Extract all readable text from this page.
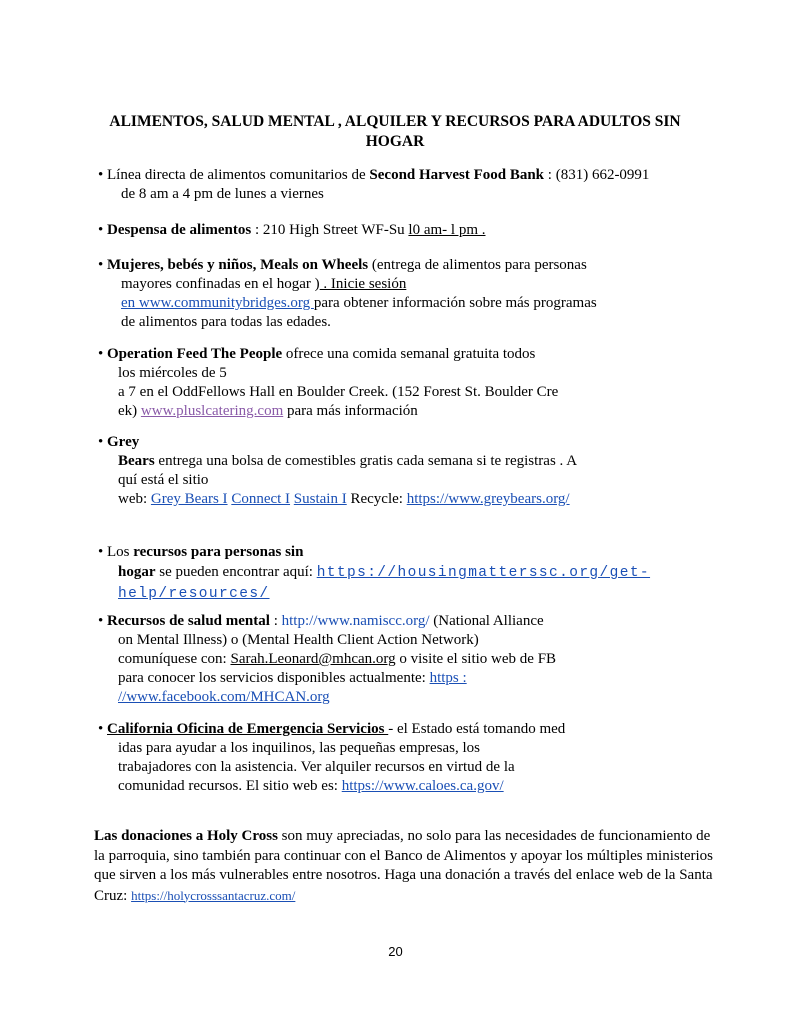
ALIMENTOS, SALUD MENTAL , ALQUILER Y RECURSOS PARA ADULTOS SIN HOGAR
• Línea directa de alimentos comunitarios de Second Harvest Food Bank : (831) 662-0991
de 8 am a 4 pm de lunes a viernes
• Despensa de alimentos : 210 High Street WF-Su l0 am- l pm .
• Mujeres, bebés y niños, Meals on Wheels (entrega de alimentos para personas
mayores confinadas en el hogar ) . Inicie sesión
en www.communitybridges.org para obtener información sobre más programas
de alimentos para todas las edades.
• Operation Feed The People ofrece una comida semanal gratuita todos
los miércoles de 5
a 7 en el OddFellows Hall en Boulder Creek. (152 Forest St. Boulder Cre
ek) www.pluslcatering.com para más información
• Grey
Bears entrega una bolsa de comestibles gratis cada semana si te registras . A
quí está el sitio
web: Grey Bears I Connect I Sustain I Recycle: https://www.greybears.org/
• Los recursos para personas sin
hogar se pueden encontrar aquí: https://housingmatterssc.org/get-
help/resources/
• Recursos de salud mental : http://www.namiscc.org/ (National Alliance
on Mental Illness) o (Mental Health Client Action Network)
comuníquese con: Sarah.Leonard@mhcan.org o visite el sitio web de FB
para conocer los servicios disponibles actualmente: https :
//www.facebook.com/MHCAN.org
• California Oficina de Emergencia Servicios - el Estado está tomando med
idas para ayudar a los inquilinos, las pequeñas empresas, los
trabajadores con la asistencia. Ver alquiler recursos en virtud de la
comunidad recursos. El sitio web es: https://www.caloes.ca.gov/
Las donaciones a Holy Cross son muy apreciadas, no solo para las necesidades de funcionamiento de la parroquia, sino también para continuar con el Banco de Alimentos y apoyar los múltiples ministerios que sirven a los más vulnerables entre nosotros. Haga una donación a través del enlace web de la Santa Cruz: https://holycrosssantacruz.com/
20
